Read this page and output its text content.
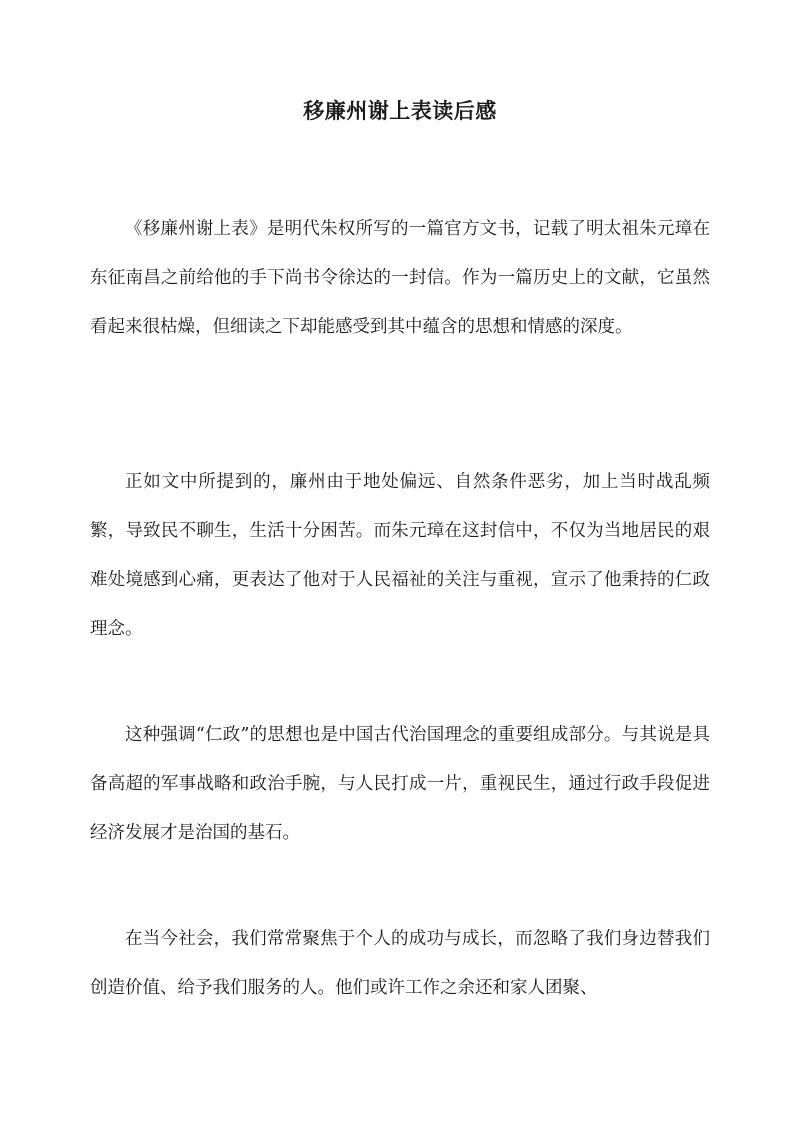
移廉州谢上表读后感

《移廉州谢上表》是明代朱权所写的一篇官方文书，记载了明太祖朱元璋在东征南昌之前给他的手下尚书令徐达的一封信。作为一篇历史上的文献，它虽然看起来很枯燥，但细读之下却能感受到其中蕴含的思想和情感的深度。

正如文中所提到的，廉州由于地处偏远、自然条件恶劣，加上当时战乱频繁，导致民不聊生，生活十分困苦。而朱元璋在这封信中，不仅为当地居民的艰难处境感到心痛，更表达了他对于人民福祉的关注与重视，宣示了他秉持的仁政理念。

这种强调“仁政”的思想也是中国古代治国理念的重要组成部分。与其说是具备高超的军事战略和政治手腕，与人民打成一片，重视民生，通过行政手段促进经济发展才是治国的基石。

在当今社会，我们常常聚焦于个人的成功与成长，而忽略了我们身边替我们创造价值、给予我们服务的人。他们或许工作之余还和家人团聚、
